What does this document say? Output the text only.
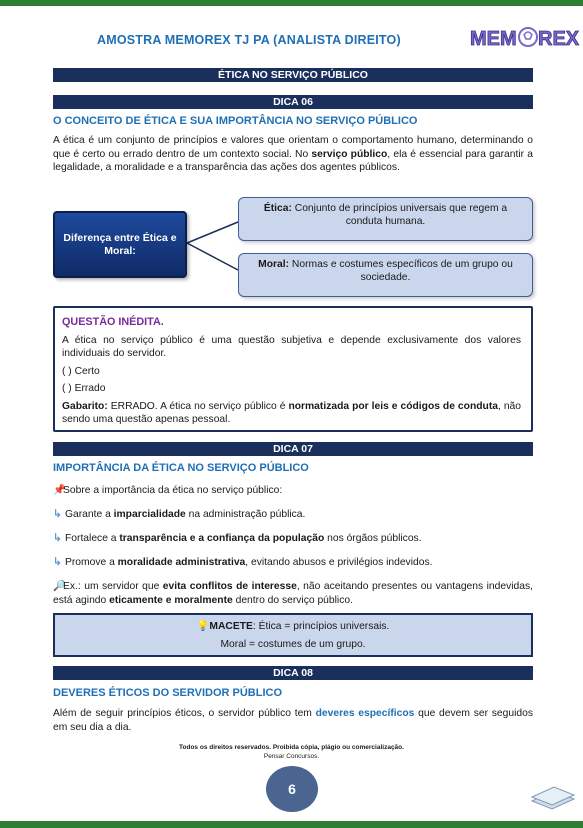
AMOSTRA MEMOREX TJ PA (ANALISTA DIREITO)	MEM REX
ÉTICA NO SERVIÇO PÚBLICO
DICA 06
O CONCEITO DE ÉTICA E SUA IMPORTÂNCIA NO SERVIÇO PÚBLICO
A ética é um conjunto de princípios e valores que orientam o comportamento humano, determinando o que é certo ou errado dentro de um contexto social. No serviço público, ela é essencial para garantir a legalidade, a moralidade e a transparência das ações dos agentes públicos.
Diferença entre Ética e Moral:
Ética: Conjunto de princípios universais que regem a conduta humana.
Moral: Normas e costumes específicos de um grupo ou sociedade.
QUESTÃO INÉDITA.
A ética no serviço público é uma questão subjetiva e depende exclusivamente dos valores individuais do servidor.
( ) Certo
( ) Errado
Gabarito: ERRADO. A ética no serviço público é normatizada por leis e códigos de conduta, não sendo uma questão apenas pessoal.
DICA 07
IMPORTÂNCIA DA ÉTICA NO SERVIÇO PÚBLICO
📌Sobre a importância da ética no serviço público:
↳ Garante a imparcialidade na administração pública.
↳ Fortalece a transparência e a confiança da população nos órgãos públicos.
↳ Promove a moralidade administrativa, evitando abusos e privilégios indevidos.
🔎Ex.: um servidor que evita conflitos de interesse, não aceitando presentes ou vantagens indevidas, está agindo eticamente e moralmente dentro do serviço público.
💡MACETE: Ética = princípios universais.
Moral = costumes de um grupo.
DICA 08
DEVERES ÉTICOS DO SERVIDOR PÚBLICO
Além de seguir princípios éticos, o servidor público tem deveres específicos que devem ser seguidos em seu dia a dia.
Todos os direitos reservados. Proibida cópia, plágio ou comercialização.
Pensar Concursos.
6
